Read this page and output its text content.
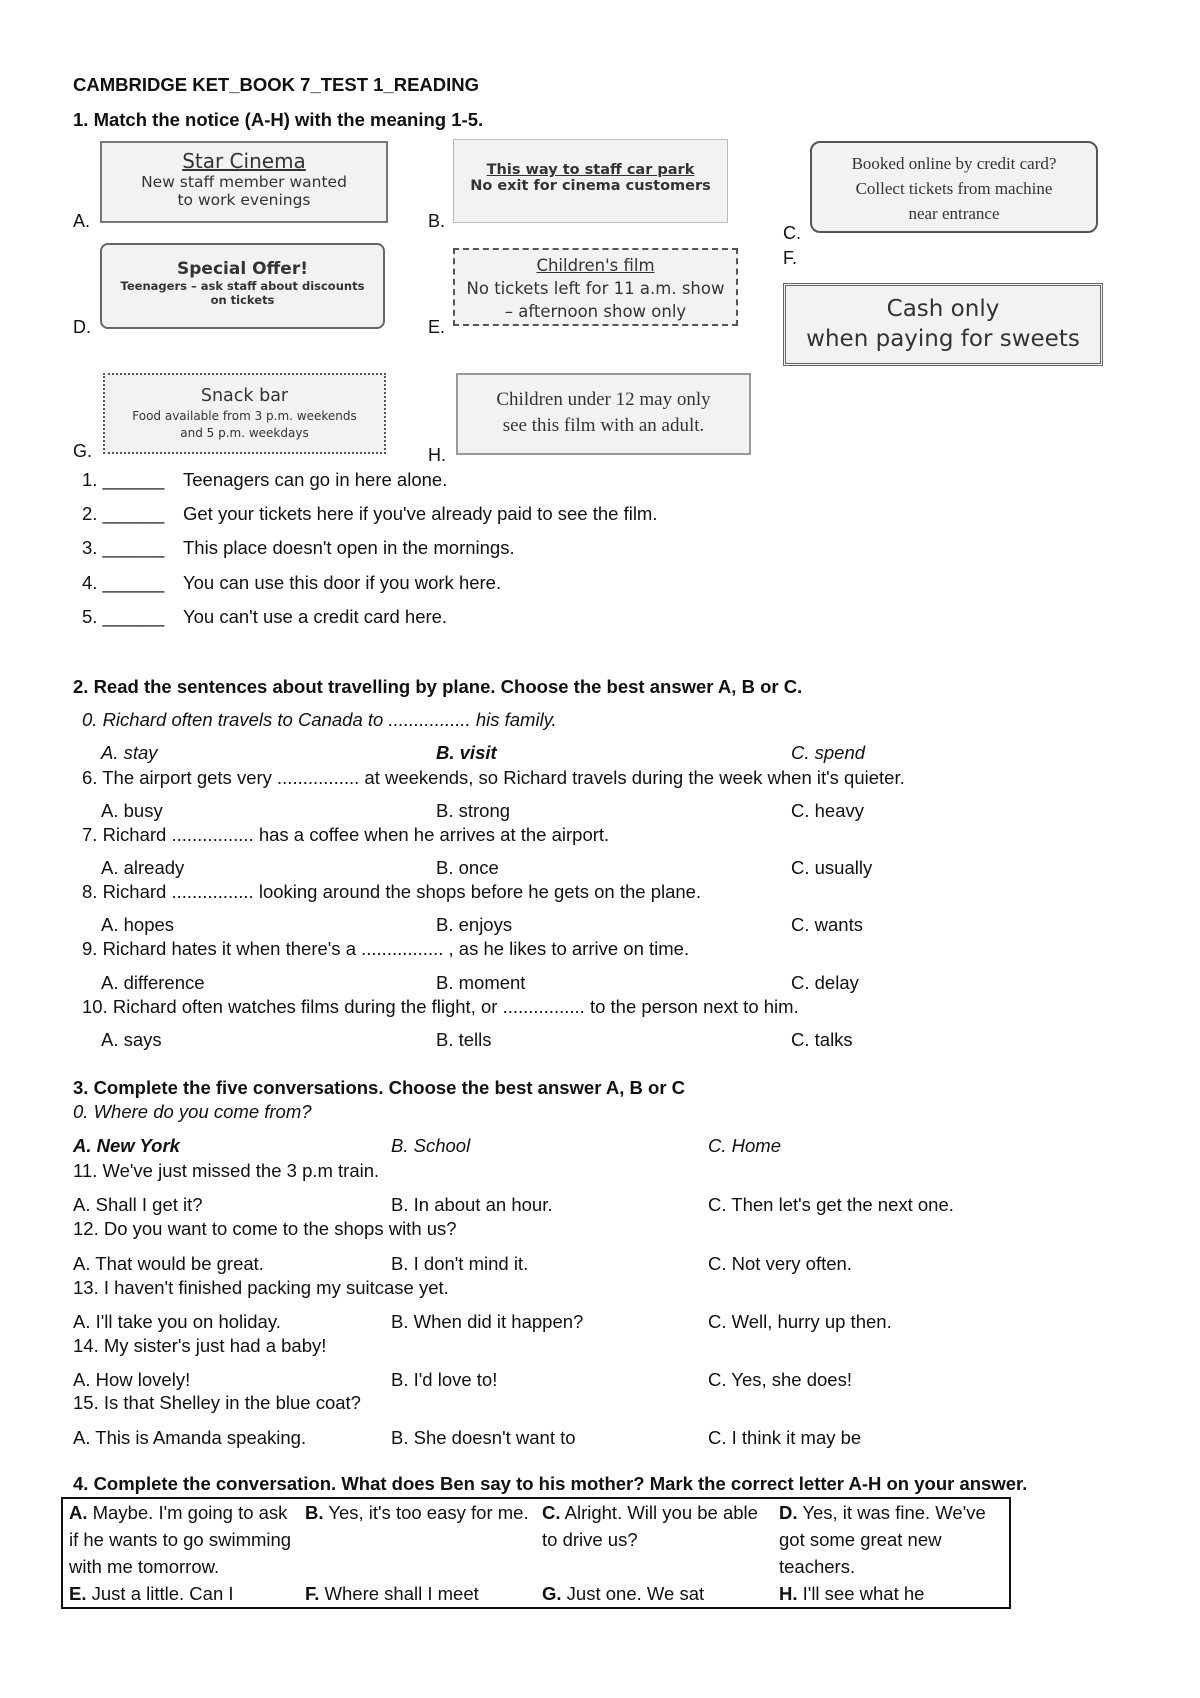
CAMBRIDGE KET_BOOK 7_TEST 1_READING
1. Match the notice (A-H) with the meaning 1-5.
A.
Star Cinema
New staff member wanted
to work evenings
B.
This way to staff car park
No exit for cinema customers
C.
Booked online by credit card?
Collect tickets from machine
near entrance
D.
Special Offer!
Teenagers – ask staff about discounts
on tickets
E.
Children's film
No tickets left for 11 a.m. show
– afternoon show only
F.
Cash only
when paying for sweets
G.
Snack bar
Food available from 3 p.m. weekends
and 5 p.m. weekdays
H.
Children under 12 may only
see this film with an adult.
1. ______ Teenagers can go in here alone.
2. ______ Get your tickets here if you've already paid to see the film.
3. ______ This place doesn't open in the mornings.
4. ______ You can use this door if you work here.
5. ______ You can't use a credit card here.
2. Read the sentences about travelling by plane. Choose the best answer A, B or C.
0. Richard often travels to Canada to ................ his family.
A. stay	B. visit	C. spend
6. The airport gets very ................ at weekends, so Richard travels during the week when it's quieter.
A. busy	B. strong	C. heavy
7. Richard ................ has a coffee when he arrives at the airport.
A. already	B. once	C. usually
8. Richard ................ looking around the shops before he gets on the plane.
A. hopes	B. enjoys	C. wants
9. Richard hates it when there's a ................ , as he likes to arrive on time.
A. difference	B. moment	C. delay
10. Richard often watches films during the flight, or ................ to the person next to him.
A. says	B. tells	C. talks
3. Complete the five conversations. Choose the best answer A, B or C
0. Where do you come from?
A. New York	B. School	C. Home
11. We've just missed the 3 p.m train.
A. Shall I get it?	B. In about an hour.	C. Then let's get the next one.
12. Do you want to come to the shops with us?
A. That would be great.	B. I don't mind it.	C. Not very often.
13. I haven't finished packing my suitcase yet.
A. I'll take you on holiday.	B. When did it happen?	C. Well, hurry up then.
14. My sister's just had a baby!
A. How lovely!	B. I'd love to!	C. Yes, she does!
15. Is that Shelley in the blue coat?
A. This is Amanda speaking.	B. She doesn't want to	C. I think it may be
4. Complete the conversation. What does Ben say to his mother? Mark the correct letter A-H on your answer.
A. Maybe. I'm going to ask if he wants to go swimming with me tomorrow.	B. Yes, it's too easy for me.	C. Alright. Will you be able to drive us?	D. Yes, it was fine. We've got some great new teachers.
E. Just a little. Can I	F. Where shall I meet	G. Just one. We sat	H. I'll see what he
